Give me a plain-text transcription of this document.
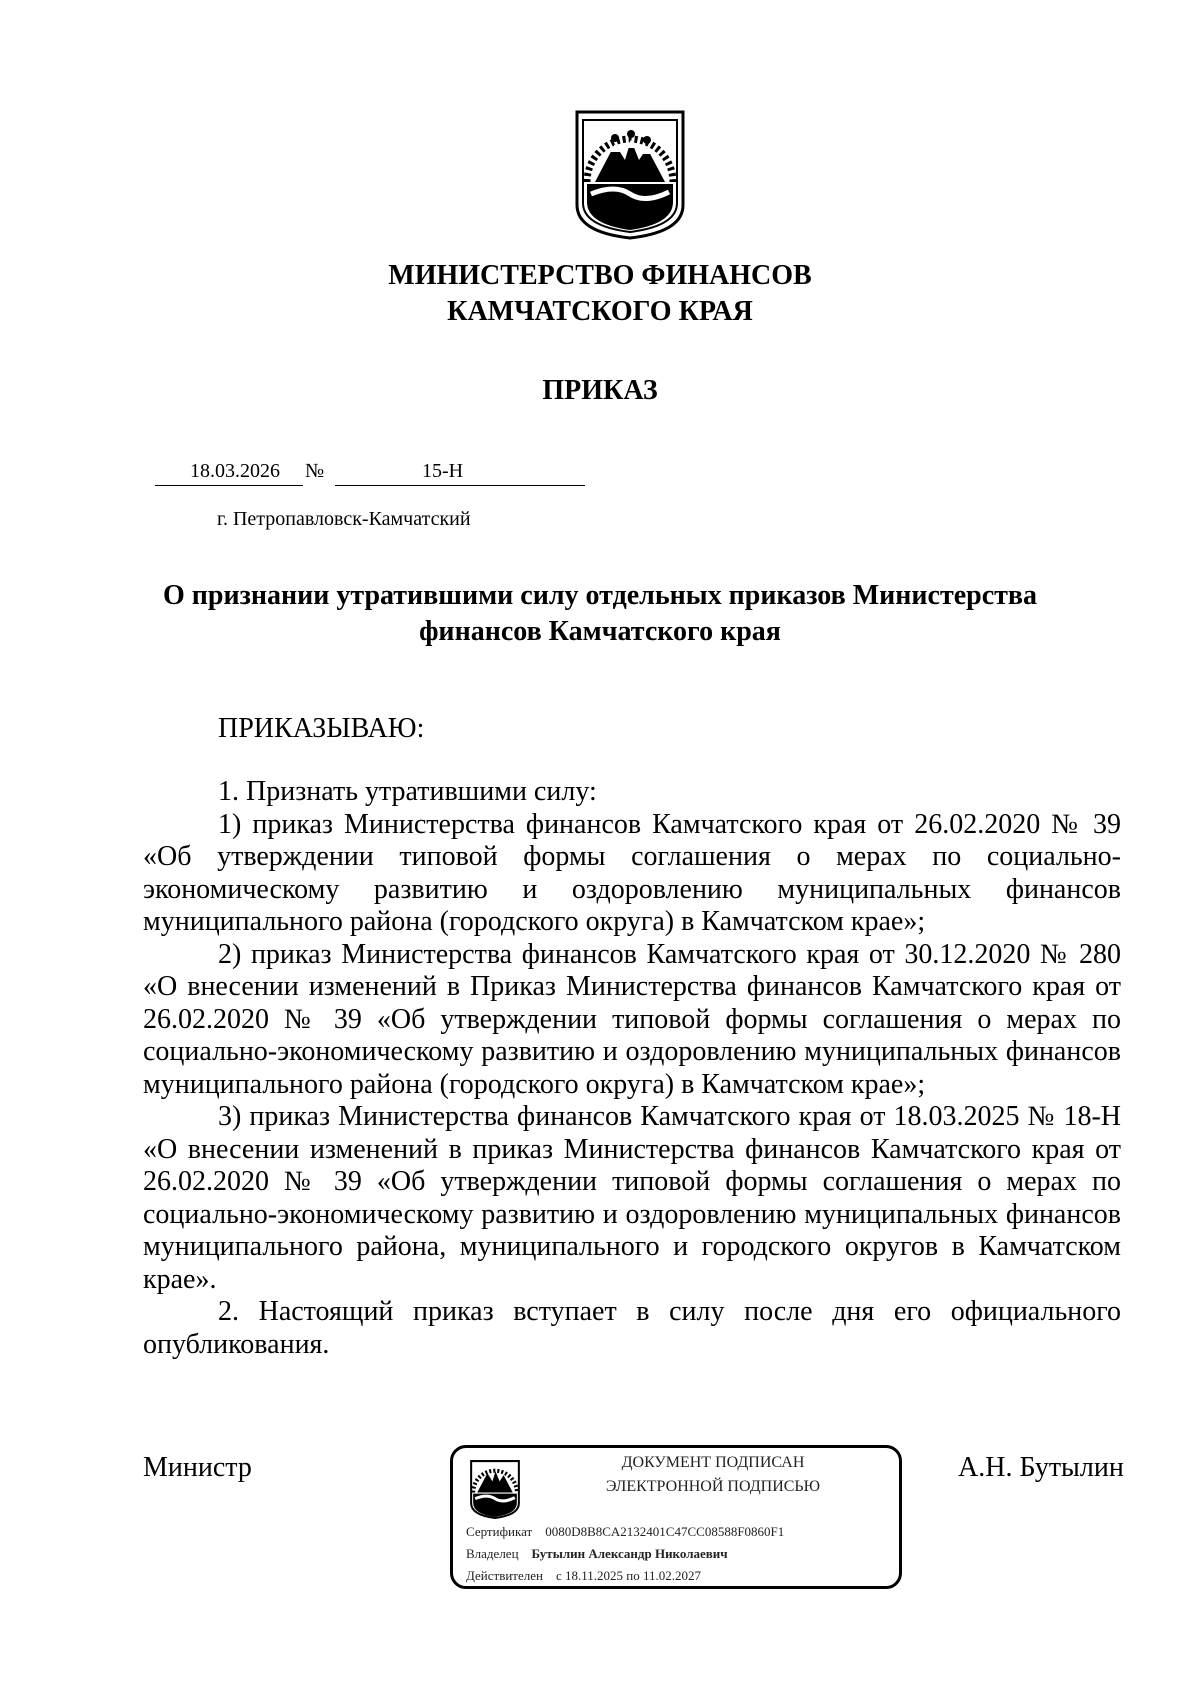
МИНИСТЕРСТВО ФИНАНСОВ
КАМЧАТСКОГО КРАЯ
ПРИКАЗ
18.03.2026 №	15-Н
г. Петропавловск-Камчатский
О признании утратившими силу отдельных приказов Министерства
финансов Камчатского края
ПРИКАЗЫВАЮ:

1. Признать утратившими силу:

1) приказ Министерства финансов Камчатского края от 26.02.2020 № 39 «Об утверждении типовой формы соглашения о мерах по социально-экономическому развитию и оздоровлению муниципальных финансов муниципального района (городского округа) в Камчатском крае»;

2) приказ Министерства финансов Камчатского края от 30.12.2020 № 280 «О внесении изменений в Приказ Министерства финансов Камчатского края от 26.02.2020 № 39 «Об утверждении типовой формы соглашения о мерах по социально-экономическому развитию и оздоровлению муниципальных финансов муниципального района (городского округа) в Камчатском крае»;

3) приказ Министерства финансов Камчатского края от 18.03.2025 № 18-Н «О внесении изменений в приказ Министерства финансов Камчатского края от 26.02.2020 № 39 «Об утверждении типовой формы соглашения о мерах по социально-экономическому развитию и оздоровлению муниципальных финансов муниципального района, муниципального и городского округов в Камчатском крае».

2. Настоящий приказ вступает в силу после дня его официального опубликования.

Министр	А.Н. Бутылин
ДОКУМЕНТ ПОДПИСАН
ЭЛЕКТРОННОЙ ПОДПИСЬЮ
Сертификат 0080D8B8CA2132401C47CC08588F0860F1
Владелец Бутылин Александр Николаевич
Действителен с 18.11.2025 по 11.02.2027
